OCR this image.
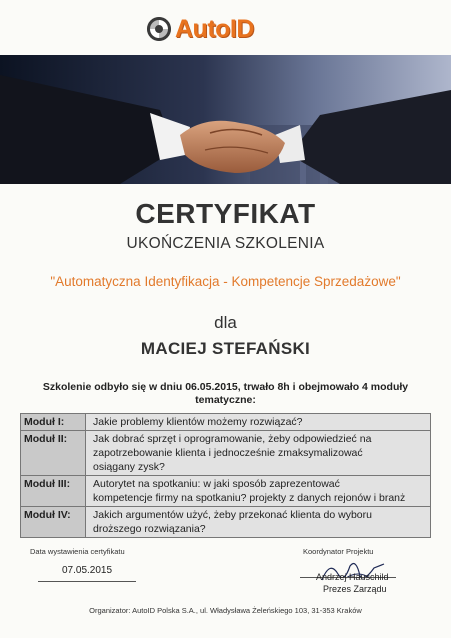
AutoID
CERTYFIKAT
UKOŃCZENIA SZKOLENIA
"Automatyczna Identyfikacja - Kompetencje Sprzedażowe"
dla
MACIEJ STEFAŃSKI
Szkolenie odbyło się w dniu 06.05.2015, trwało 8h i obejmowało 4 moduły
tematyczne:
Moduł I:	Jakie problemy klientów możemy rozwiązać?

Moduł II:	Jak dobrać sprzęt i oprogramowanie, żeby odpowiedzieć na
zapotrzebowanie klienta i jednocześnie zmaksymalizować
osiągany zysk?

Moduł III:	Autorytet na spotkaniu: w jaki sposób zaprezentować
kompetencje firmy na spotkaniu? projekty z danych rejonów i branż

Moduł IV:	Jakich argumentów użyć, żeby przekonać klienta do wyboru
droższego rozwiązania?
Data wystawienia certyfikatu
07.05.2015
Koordynator Projektu
Andrzej Hauschild
Prezes Zarządu
Organizator: AutoID Polska S.A., ul. Władysława Żeleńskiego 103, 31-353 Kraków
